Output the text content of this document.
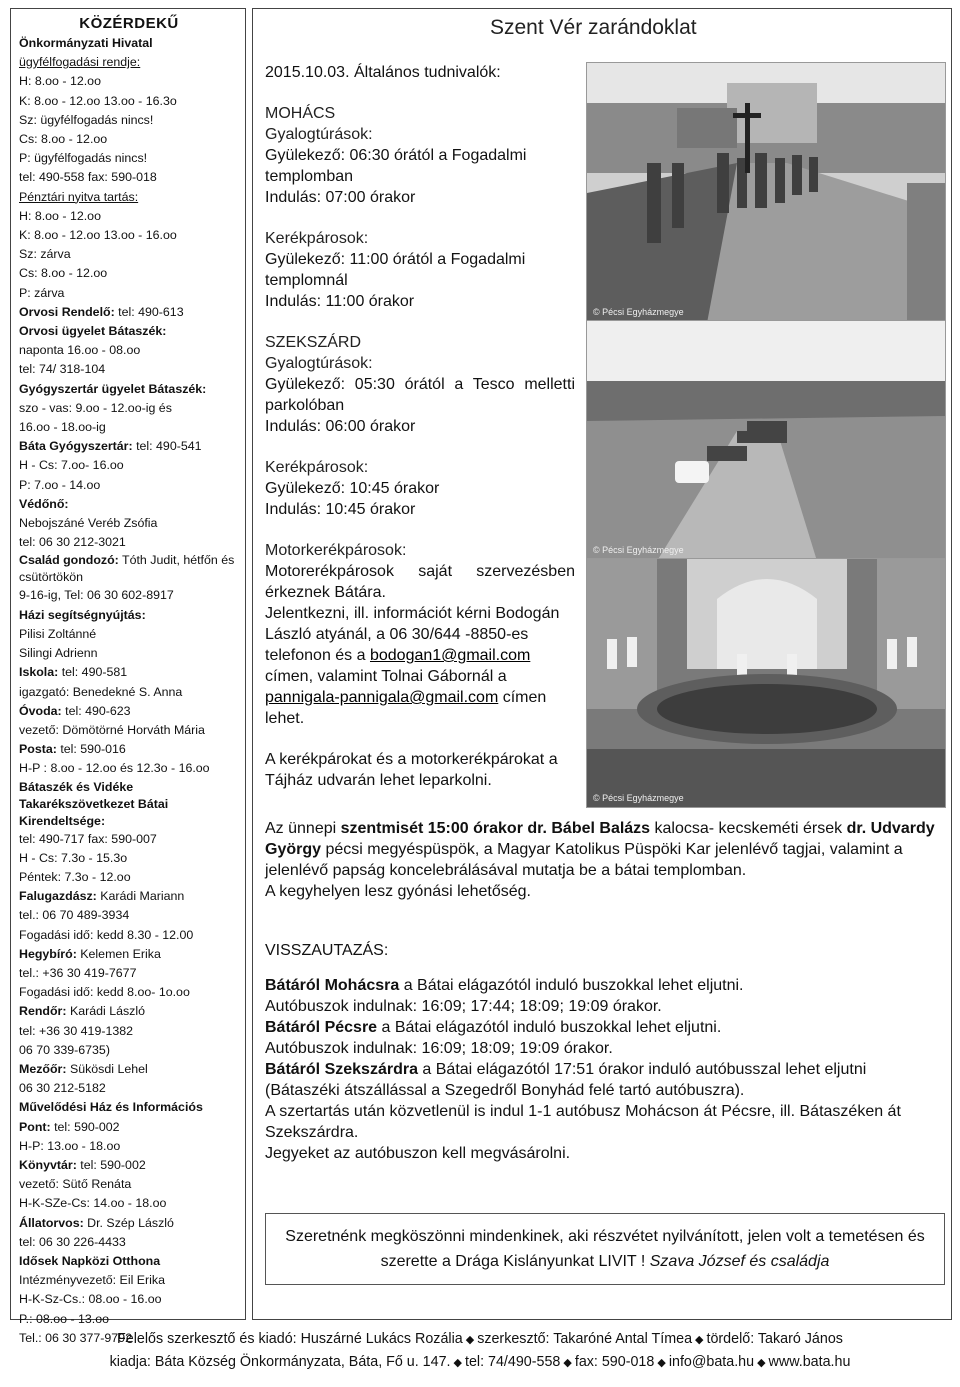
KÖZÉRDEKŰ
Önkormányzati Hivatal
ügyfélfogadási rendje:
H: 8.oo - 12.oo
K: 8.oo - 12.oo 13.oo - 16.3o
Sz: ügyfélfogadás nincs!
Cs: 8.oo - 12.oo
P: ügyfélfogadás nincs!
tel: 490-558 fax: 590-018
Pénztári nyitva tartás:
H: 8.oo - 12.oo
K: 8.oo - 12.oo 13.oo - 16.oo
Sz: zárva
Cs: 8.oo - 12.oo
P: zárva
Orvosi Rendelő: tel: 490-613
Orvosi ügyelet Bátaszék:
naponta 16.oo - 08.oo
tel: 74/ 318-104
Gyógyszertár ügyelet Bátaszék:
szo - vas: 9.oo - 12.oo-ig és
16.oo - 18.oo-ig
Báta Gyógyszertár: tel: 490-541
H - Cs: 7.oo- 16.oo
P: 7.oo - 14.oo
Védőnő:
Nebojszáné Veréb Zsófia
tel: 06 30 212-3021
Család gondozó: Tóth Judit, hétfőn és csütörtökön
9-16-ig, Tel: 06 30 602-8917
Házi segítségnyújtás:
Pilisi Zoltánné
Silingi Adrienn
Iskola: tel: 490-581
igazgató: Benedekné S. Anna
Óvoda: tel: 490-623
vezető: Dömötörné Horváth Mária
Posta: tel: 590-016
H-P : 8.oo - 12.oo és 12.3o - 16.oo
Bátaszék és Vidéke Takarékszövetkezet Bátai Kirendeltsége:
tel: 490-717 fax: 590-007
H - Cs: 7.3o - 15.3o
Péntek: 7.3o - 12.oo
Falugazdász: Karádi Mariann
tel.: 06 70 489-3934
Fogadási idő: kedd 8.30 - 12.00
Hegybíró: Kelemen Erika
tel.: +36 30 419-7677
Fogadási idő: kedd 8.oo- 1o.oo
Rendőr: Karádi László
tel: +36 30 419-1382
06 70 339-6735)
Mezőőr: Sükösdi Lehel
06 30 212-5182
Művelődési Ház és Információs
Pont: tel: 590-002
H-P: 13.oo - 18.oo
Könyvtár: tel: 590-002
vezető: Sütő Renáta
H-K-SZe-Cs: 14.oo - 18.oo
Állatorvos: Dr. Szép László
tel: 06 30 226-4433
Idősek Napközi Otthona
Intézményvezető: Eil Erika
H-K-Sz-Cs.: 08.oo - 16.oo
P.: 08.oo - 13.oo
Tel.: 06 30 377-9792
Szent Vér zarándoklat
2015.10.03. Általános tudnivalók:
MOHÁCS
Gyalogtúrások:
Gyülekező: 06:30 órától a Fogadalmi templomban
Indulás: 07:00 órakor
Kerékpárosok:
Gyülekező: 11:00 órától a Fogadalmi templomnál
Indulás: 11:00 órakor
SZEKSZÁRD
Gyalogtúrások:
Gyülekező: 05:30 órától a Tesco melletti parkolóban
Indulás: 06:00 órakor
Kerékpárosok:
Gyülekező: 10:45 órakor
Indulás: 10:45 órakor
Motorkerékpárosok:
Motorerékpárosok saját szervezésben érkeznek Bátára.
Jelentkezni, ill. információt kérni Bodogán László atyánál, a 06 30/644 -8850-es telefonon és a bodogan1@gmail.com címen, valamint Tolnai Gábornál a pannigala-pannigala@gmail.com címen lehet.
A kerékpárokat és a motorkerékpárokat a Tájház udvarán lehet leparkolni.
© Pécsi Egyházmegye
© Pécsi Egyházmegye
© Pécsi Egyházmegye

Az ünnepi szentmisét 15:00 órakor dr. Bábel Balázs kalocsa- kecskeméti érsek dr. Udvardy György pécsi megyéspüspök, a Magyar Katolikus Püspöki Kar jelenlévő tagjai, valamint a jelenlévő papság koncelebrálásával mutatja be a bátai templomban.

A kegyhelyen lesz gyónási lehetőség.

VISSZAUTAZÁS:

Bátáról Mohácsra a Bátai elágazótól induló buszokkal lehet eljutni.

Autóbuszok indulnak: 16:09; 17:44; 18:09; 19:09 órakor.

Bátáról Pécsre a Bátai elágazótól induló buszokkal lehet eljutni.

Autóbuszok indulnak: 16:09; 18:09; 19:09 órakor.

Bátáról Szekszárdra a Bátai elágazótól 17:51 órakor induló autóbusszal lehet eljutni (Bátaszéki átszállással a Szegedről Bonyhád felé tartó autóbuszra).

A szertartás után közvetlenül is indul 1-1 autóbusz Mohácson át Pécsre, ill. Bátaszéken át Szekszárdra.

Jegyeket az autóbuszon kell megvásárolni.

Szeretnénk megköszönni mindenkinek, aki részvétet nyilvánított, jelen volt a temetésen és szerette a Drága Kislányunkat LIVIT ! Szava József és családja
Felelős szerkesztő és kiadó: Huszárné Lukács Rozália ◆ szerkesztő: Takaróné Antal Tímea ◆ tördelő: Takaró János
kiadja: Báta Község Önkormányzata, Báta, Fő u. 147. ◆ tel: 74/490-558 ◆ fax: 590-018 ◆ info@bata.hu ◆ www.bata.hu
